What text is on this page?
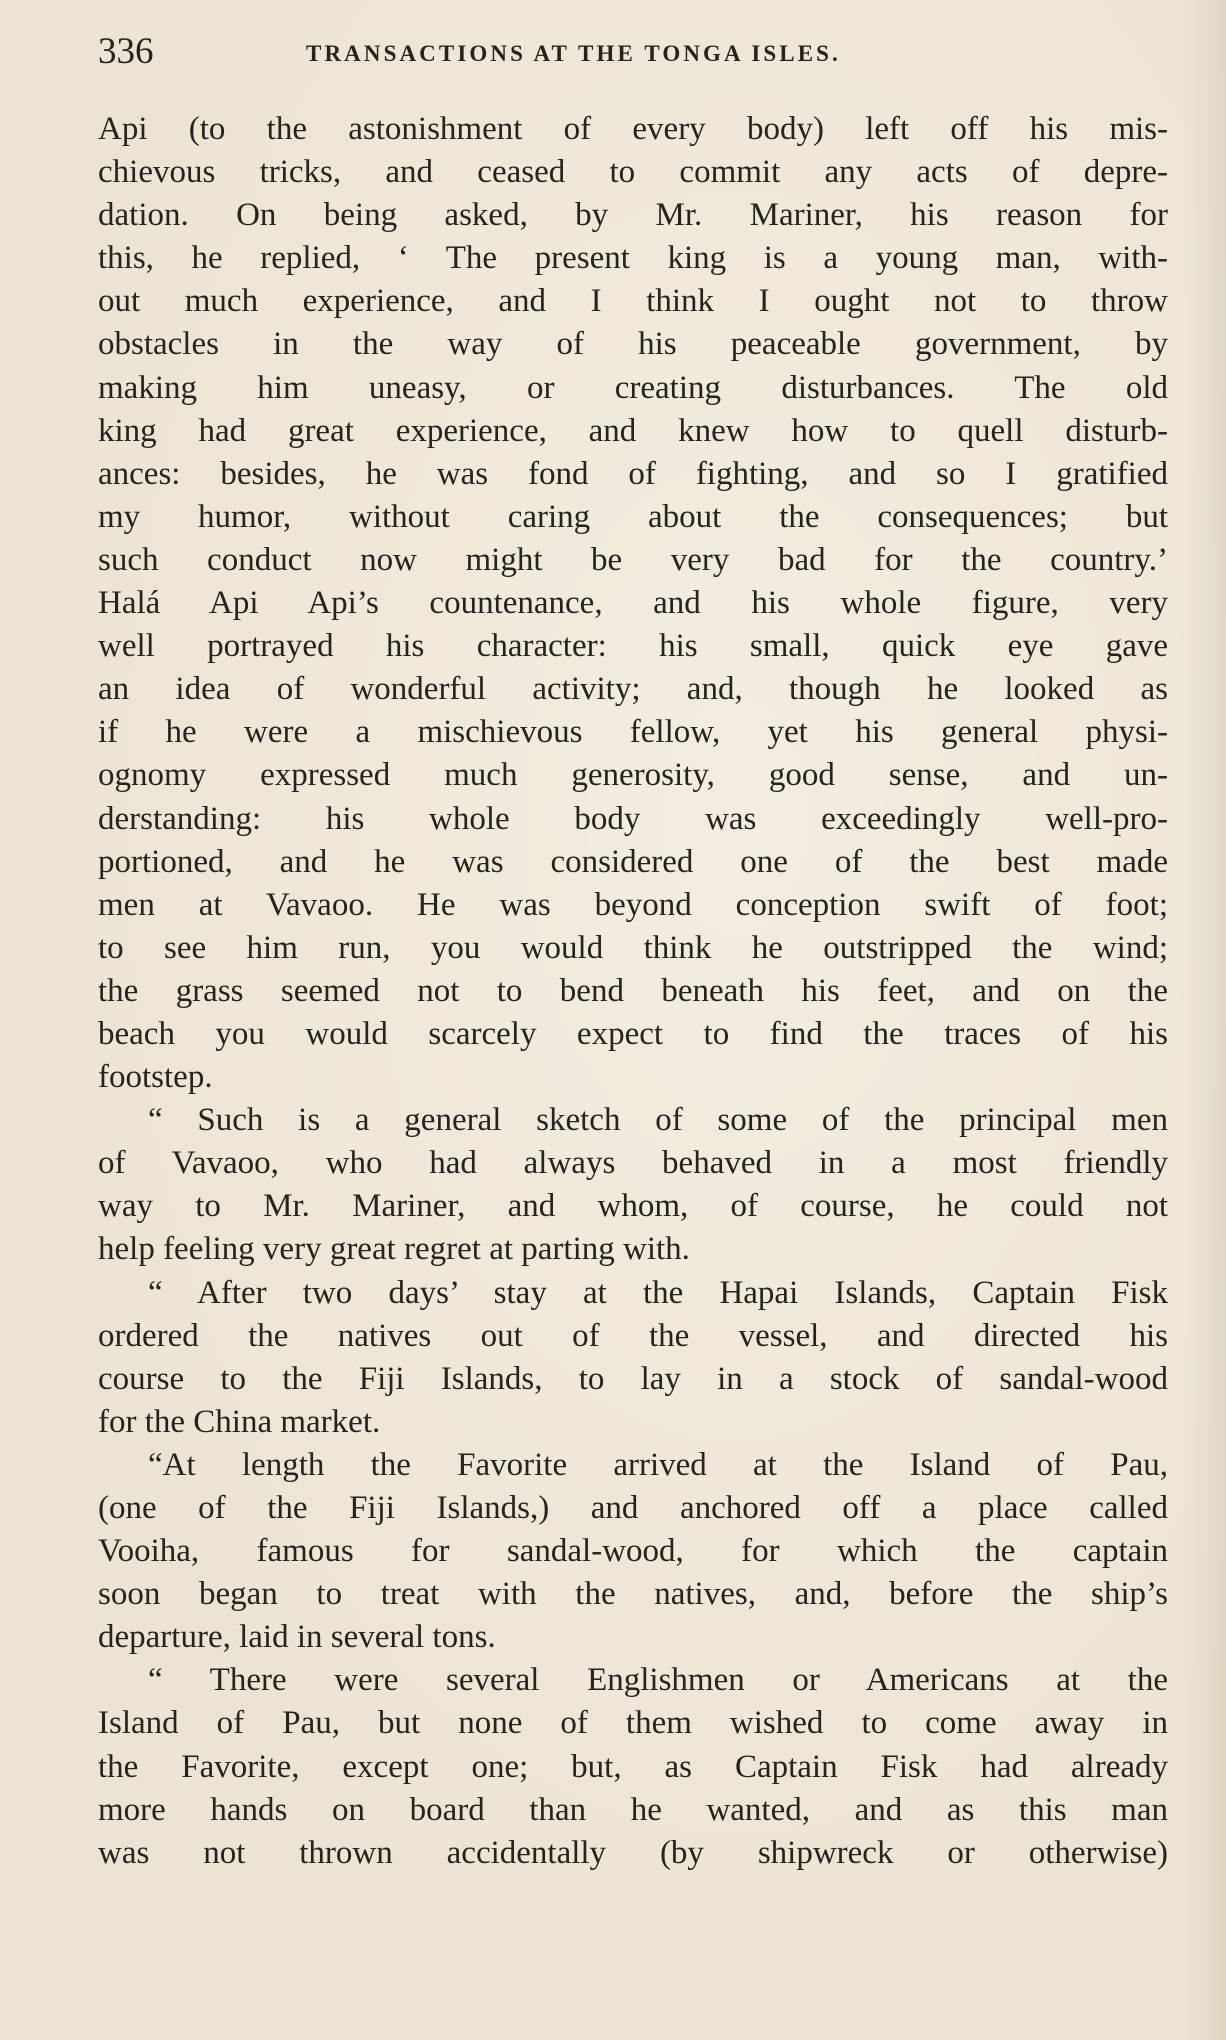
336	TRANSACTIONS AT THE TONGA ISLES.
Api (to the astonishment of every body) left off his mis-
chievous tricks, and ceased to commit any acts of depre-
dation. On being asked, by Mr. Mariner, his reason for
this, he replied, ‘ The present king is a young man, with-
out much experience, and I think I ought not to throw
obstacles in the way of his peaceable government, by
making him uneasy, or creating disturbances. The old
king had great experience, and knew how to quell disturb-
ances: besides, he was fond of fighting, and so I gratified
my humor, without caring about the consequences; but
such conduct now might be very bad for the country.’
Halá Api Api’s countenance, and his whole figure, very
well portrayed his character: his small, quick eye gave
an idea of wonderful activity; and, though he looked as
if he were a mischievous fellow, yet his general physi-
ognomy expressed much generosity, good sense, and un-
derstanding: his whole body was exceedingly well-pro-
portioned, and he was considered one of the best made
men at Vavaoo. He was beyond conception swift of foot;
to see him run, you would think he outstripped the wind;
the grass seemed not to bend beneath his feet, and on the
beach you would scarcely expect to find the traces of his
footstep.
“ Such is a general sketch of some of the principal men
of Vavaoo, who had always behaved in a most friendly
way to Mr. Mariner, and whom, of course, he could not
help feeling very great regret at parting with.
“ After two days’ stay at the Hapai Islands, Captain Fisk
ordered the natives out of the vessel, and directed his
course to the Fiji Islands, to lay in a stock of sandal-wood
for the China market.
“At length the Favorite arrived at the Island of Pau,
(one of the Fiji Islands,) and anchored off a place called
Vooiha, famous for sandal-wood, for which the captain
soon began to treat with the natives, and, before the ship’s
departure, laid in several tons.
“ There were several Englishmen or Americans at the
Island of Pau, but none of them wished to come away in
the Favorite, except one; but, as Captain Fisk had already
more hands on board than he wanted, and as this man
was not thrown accidentally (by shipwreck or otherwise)
